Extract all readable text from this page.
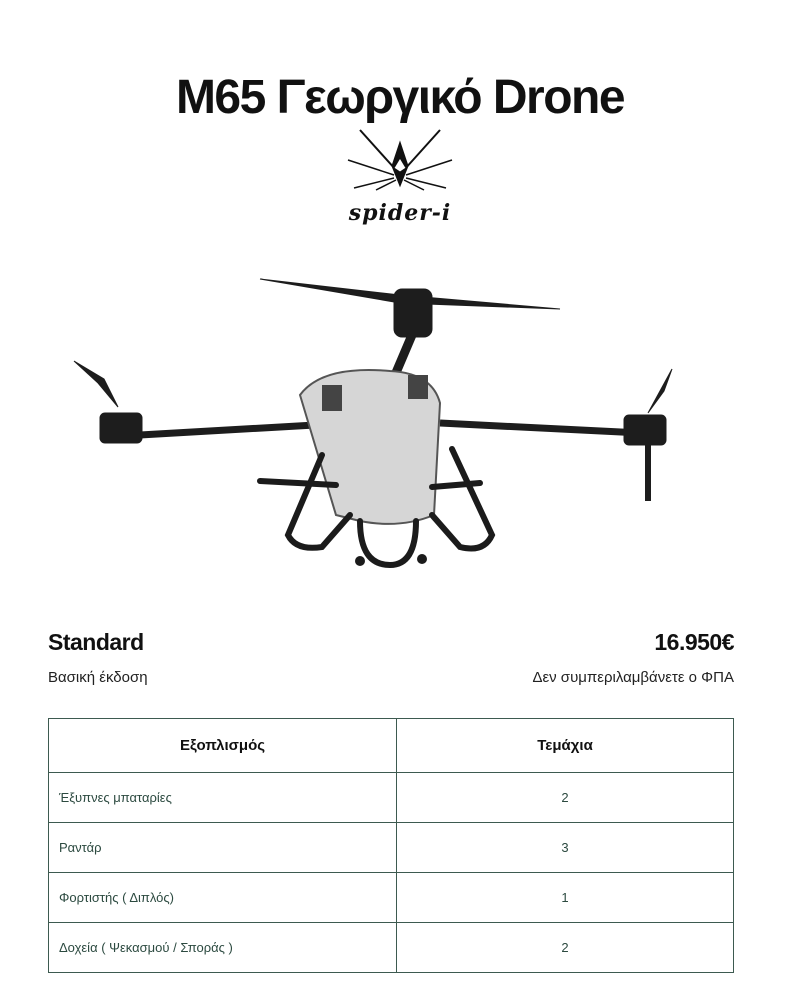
M65 Γεωργικό Drone
spider-i
Standard
Βασική έκδοση
16.950€
Δεν συμπεριλαμβάνετε ο ΦΠΑ
Εξοπλισμός	Τεμάχια
Έξυπνες μπαταρίες	2
Ραντάρ	3
Φορτιστής ( Διπλός)	1
Δοχεία ( Ψεκασμού / Σποράς )	2
